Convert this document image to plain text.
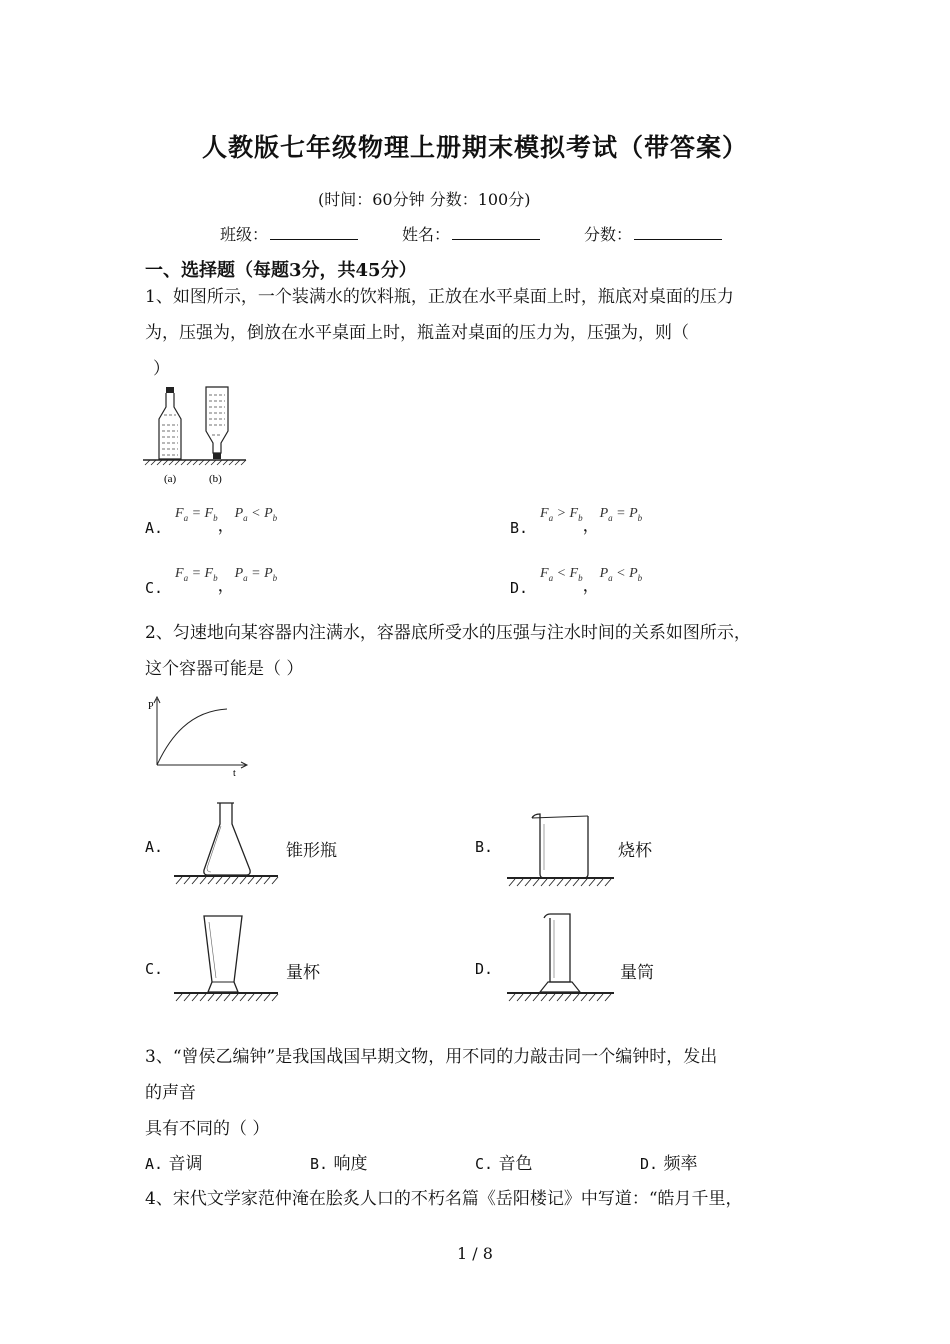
人教版七年级物理上册期末模拟考试（带答案）
(时间：60分钟 分数：100分)
班级：	姓名：	分数：
一、选择题（每题3分，共45分）
1、如图所示，一个装满水的饮料瓶，正放在水平桌面上时，瓶底对桌面的压力
为，压强为，倒放在水平桌面上时，瓶盖对桌面的压力为，压强为，则（
）
(a)	(b)
$A.F_a = F_b$，$P_a < P_b$
$B.F_a > F_b$，$P_a = P_b$
$C.F_a = F_b$，$P_a = P_b$
$D.F_a < F_b$，$P_a < P_b$
2、匀速地向某容器内注满水，容器底所受水的压强与注水时间的关系如图所示，
这个容器可能是（ ）
P
t
A.	锥形瓶	B.	烧杯
C.	量杯	D.	量筒
3、“曾侯乙编钟”是我国战国早期文物，用不同的力敲击同一个编钟时，发出
的声音
具有不同的（ ）
A. 音调	B. 响度	C. 音色	D. 频率
4、宋代文学家范仲淹在脍炙人口的不朽名篇《岳阳楼记》中写道：“皓月千里，
1 / 8
